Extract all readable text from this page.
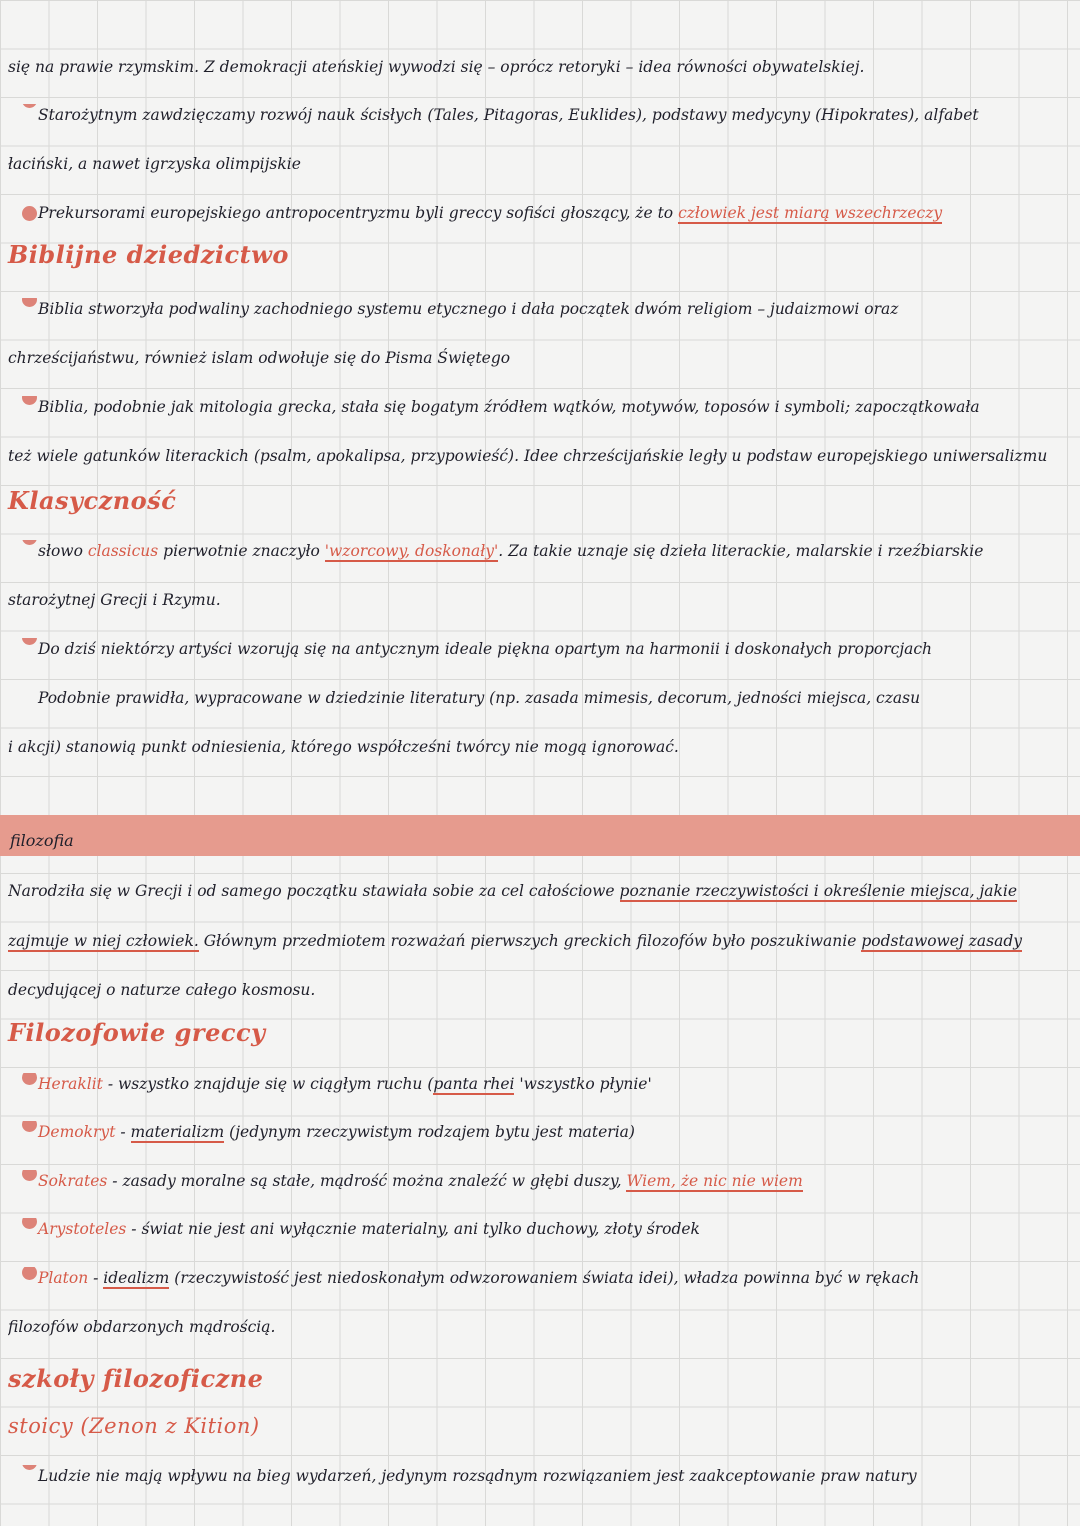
się na prawie rzymskim. Z demokracji ateńskiej wywodzi się – oprócz retoryki – idea równości obywatelskiej.
Starożytnym zawdzięczamy rozwój nauk ścisłych (Tales, Pitagoras, Euklides), podstawy medycyny (Hipokrates), alfabet
łaciński, a nawet igrzyska olimpijskie
Prekursorami europejskiego antropocentryzmu byli greccy sofiści głoszący, że to człowiek jest miarą wszechrzeczy
Biblijne dziedzictwo
Biblia stworzyła podwaliny zachodniego systemu etycznego i dała początek dwóm religiom – judaizmowi oraz
chrześcijaństwu, również islam odwołuje się do Pisma Świętego
Biblia, podobnie jak mitologia grecka, stała się bogatym źródłem wątków, motywów, toposów i symboli; zapoczątkowała
też wiele gatunków literackich (psalm, apokalipsa, przypowieść). Idee chrześcijańskie legły u podstaw europejskiego uniwersalizmu
Klasyczność
słowo classicus pierwotnie znaczyło 'wzorcowy, doskonały'. Za takie uznaje się dzieła literackie, malarskie i rzeźbiarskie
starożytnej Grecji i Rzymu.
Do dziś niektórzy artyści wzorują się na antycznym ideale piękna opartym na harmonii i doskonałych proporcjach
Podobnie prawidła, wypracowane w dziedzinie literatury (np. zasada mimesis, decorum, jedności miejsca, czasu
i akcji) stanowią punkt odniesienia, którego współcześni twórcy nie mogą ignorować.
filozofia
Narodziła się w Grecji i od samego początku stawiała sobie za cel całościowe poznanie rzeczywistości i określenie miejsca, jakie
zajmuje w niej człowiek. Głównym przedmiotem rozważań pierwszych greckich filozofów było poszukiwanie podstawowej zasady
decydującej o naturze całego kosmosu.
Filozofowie greccy
Heraklit - wszystko znajduje się w ciągłym ruchu (panta rhei 'wszystko płynie'
Demokryt - materializm (jedynym rzeczywistym rodzajem bytu jest materia)
Sokrates - zasady moralne są stałe, mądrość można znaleźć w głębi duszy, Wiem, że nic nie wiem
Arystoteles - świat nie jest ani wyłącznie materialny, ani tylko duchowy, złoty środek
Platon - idealizm (rzeczywistość jest niedoskonałym odwzorowaniem świata idei), władza powinna być w rękach
filozofów obdarzonych mądrością.
szkoły filozoficzne
stoicy (Zenon z Kition)
Ludzie nie mają wpływu na bieg wydarzeń, jedynym rozsądnym rozwiązaniem jest zaakceptowanie praw natury
